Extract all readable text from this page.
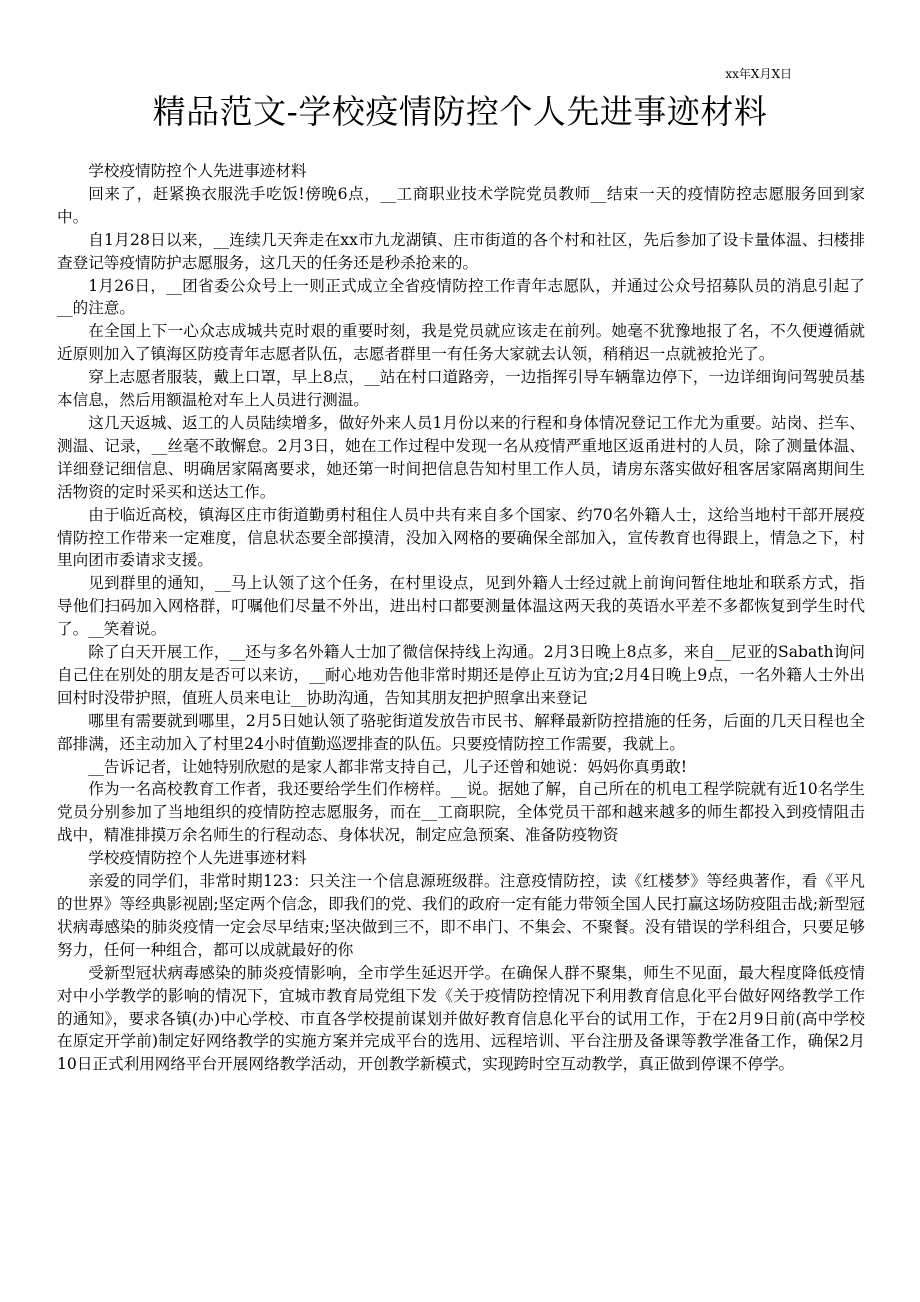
xx年X月X日
精品范文-学校疫情防控个人先进事迹材料

学校疫情防控个人先进事迹材料

回来了，赶紧换衣服洗手吃饭!傍晚6点，__工商职业技术学院党员教师__结束一天的疫情防控志愿服务回到家中。

自1月28日以来，__连续几天奔走在xx市九龙湖镇、庄市街道的各个村和社区，先后参加了设卡量体温、扫楼排查登记等疫情防护志愿服务，这几天的任务还是秒杀抢来的。

1月26日，__团省委公众号上一则正式成立全省疫情防控工作青年志愿队，并通过公众号招募队员的消息引起了__的注意。

在全国上下一心众志成城共克时艰的重要时刻，我是党员就应该走在前列。她毫不犹豫地报了名，不久便遵循就近原则加入了镇海区防疫青年志愿者队伍，志愿者群里一有任务大家就去认领，稍稍迟一点就被抢光了。

穿上志愿者服装，戴上口罩，早上8点，__站在村口道路旁，一边指挥引导车辆靠边停下，一边详细询问驾驶员基本信息，然后用额温枪对车上人员进行测温。

这几天返城、返工的人员陆续增多，做好外来人员1月份以来的行程和身体情况登记工作尤为重要。站岗、拦车、测温、记录，__丝毫不敢懈怠。2月3日，她在工作过程中发现一名从疫情严重地区返甬进村的人员，除了测量体温、详细登记细信息、明确居家隔离要求，她还第一时间把信息告知村里工作人员，请房东落实做好租客居家隔离期间生活物资的定时采买和送达工作。

由于临近高校，镇海区庄市街道勤勇村租住人员中共有来自多个国家、约70名外籍人士，这给当地村干部开展疫情防控工作带来一定难度，信息状态要全部摸清，没加入网格的要确保全部加入，宣传教育也得跟上，情急之下，村里向团市委请求支援。

见到群里的通知，__马上认领了这个任务，在村里设点，见到外籍人士经过就上前询问暂住地址和联系方式，指导他们扫码加入网格群，叮嘱他们尽量不外出，进出村口都要测量体温这两天我的英语水平差不多都恢复到学生时代了。__笑着说。

除了白天开展工作，__还与多名外籍人士加了微信保持线上沟通。2月3日晚上8点多，来自__尼亚的Sabath询问自己住在别处的朋友是否可以来访，__耐心地劝告他非常时期还是停止互访为宜;2月4日晚上9点，一名外籍人士外出回村时没带护照，值班人员来电让__协助沟通，告知其朋友把护照拿出来登记

哪里有需要就到哪里，2月5日她认领了骆驼街道发放告市民书、解释最新防控措施的任务，后面的几天日程也全部排满，还主动加入了村里24小时值勤巡逻排查的队伍。只要疫情防控工作需要，我就上。

__告诉记者，让她特别欣慰的是家人都非常支持自己，儿子还曾和她说：妈妈你真勇敢!

作为一名高校教育工作者，我还要给学生们作榜样。__说。据她了解，自己所在的机电工程学院就有近10名学生党员分别参加了当地组织的疫情防控志愿服务，而在__工商职院，全体党员干部和越来越多的师生都投入到疫情阻击战中，精准排摸万余名师生的行程动态、身体状况，制定应急预案、准备防疫物资

学校疫情防控个人先进事迹材料

亲爱的同学们，非常时期123：只关注一个信息源班级群。注意疫情防控，读《红楼梦》等经典著作，看《平凡的世界》等经典影视剧;坚定两个信念，即我们的党、我们的政府一定有能力带领全国人民打赢这场防疫阻击战;新型冠状病毒感染的肺炎疫情一定会尽早结束;坚决做到三不，即不串门、不集会、不聚餐。没有错误的学科组合，只要足够努力，任何一种组合，都可以成就最好的你

受新型冠状病毒感染的肺炎疫情影响，全市学生延迟开学。在确保人群不聚集，师生不见面，最大程度降低疫情对中小学教学的影响的情况下，宜城市教育局党组下发《关于疫情防控情况下利用教育信息化平台做好网络教学工作的通知》，要求各镇(办)中心学校、市直各学校提前谋划并做好教育信息化平台的试用工作，于在2月9日前(高中学校在原定开学前)制定好网络教学的实施方案并完成平台的选用、远程培训、平台注册及备课等教学准备工作，确保2月10日正式利用网络平台开展网络教学活动，开创教学新模式，实现跨时空互动教学，真正做到停课不停学。
